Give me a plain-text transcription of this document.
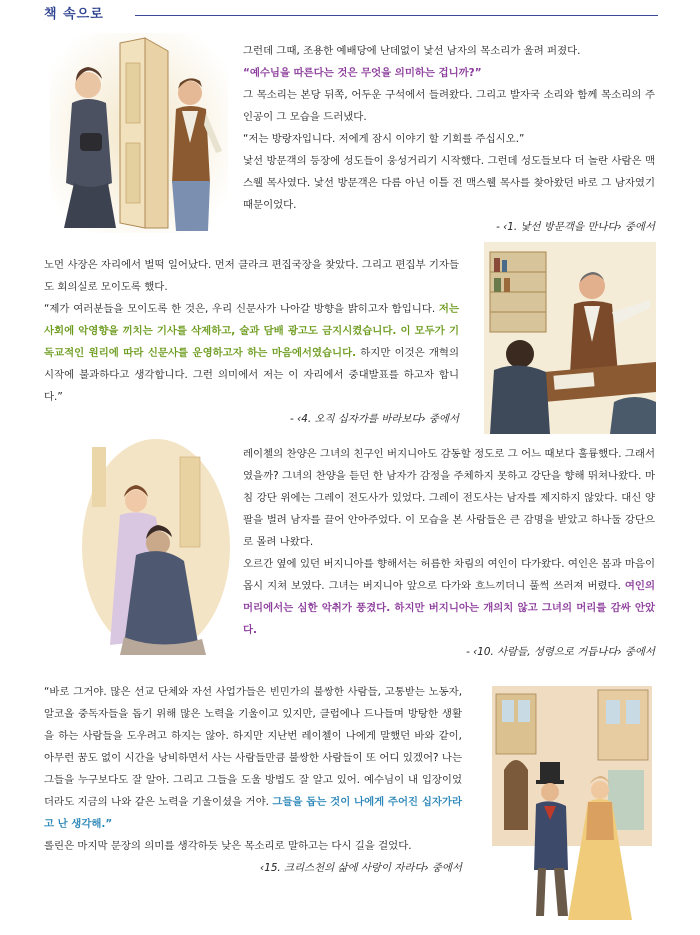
책 속으로

그런데 그때, 조용한 예배당에 난데없이 낯선 남자의 목소리가 울려 퍼졌다.

“예수님을 따른다는 것은 무엇을 의미하는 겁니까?”

그 목소리는 본당 뒤쪽, 어두운 구석에서 들려왔다. 그리고 발자국 소리와 함께 목소리의 주인공이 그 모습을 드러냈다.

“저는 방랑자입니다. 저에게 잠시 이야기 할 기회를 주십시오.”

낯선 방문객의 등장에 성도들이 웅성거리기 시작했다. 그런데 성도들보다 더 놀란 사람은 맥스웰 목사였다. 낯선 방문객은 다름 아닌 이틀 전 맥스웰 목사를 찾아왔던 바로 그 남자였기 때문이었다.

- ‹1. 낯선 방문객을 만나다› 중에서

노먼 사장은 자리에서 벌떡 일어났다. 먼저 클라크 편집국장을 찾았다. 그리고 편집부 기자들도 회의실로 모이도록 했다.

“제가 여러분들을 모이도록 한 것은, 우리 신문사가 나아갈 방향을 밝히고자 함입니다. 저는 사회에 악영향을 끼치는 기사를 삭제하고, 술과 담배 광고도 금지시켰습니다. 이 모두가 기독교적인 원리에 따라 신문사를 운영하고자 하는 마음에서였습니다. 하지만 이것은 개혁의 시작에 불과하다고 생각합니다. 그런 의미에서 저는 이 자리에서 중대발표를 하고자 합니다.”

- ‹4. 오직 십자가를 바라보다› 중에서

레이첼의 찬양은 그녀의 친구인 버지니아도 감동할 정도로 그 어느 때보다 훌륭했다. 그래서였을까? 그녀의 찬양을 듣던 한 남자가 감정을 주체하지 못하고 강단을 향해 뛰쳐나왔다. 마침 강단 위에는 그레이 전도사가 있었다. 그레이 전도사는 남자를 제지하지 않았다. 대신 양팔을 벌려 남자를 끌어 안아주었다. 이 모습을 본 사람들은 큰 감명을 받았고 하나둘 강단으로 몰려 나왔다.

오르간 옆에 있던 버지니아를 향해서는 허름한 차림의 여인이 다가왔다. 여인은 몸과 마음이 몹시 지쳐 보였다. 그녀는 버지니아 앞으로 다가와 흐느끼더니 풀썩 쓰러져 버렸다. 여인의 머리에서는 심한 악취가 풍겼다. 하지만 버지니아는 개의치 않고 그녀의 머리를 감싸 안았다.

- ‹10. 사람들, 성령으로 거듭나다› 중에서

“바로 그거야. 많은 선교 단체와 자선 사업가들은 빈민가의 불쌍한 사람들, 고통받는 노동자, 알코올 중독자들을 돕기 위해 많은 노력을 기울이고 있지만, 클럽에나 드나들며 방탕한 생활을 하는 사람들을 도우려고 하지는 않아. 하지만 지난번 레이첼이 나에게 말했던 바와 같이, 아무런 꿈도 없이 시간을 낭비하면서 사는 사람들만큼 불쌍한 사람들이 또 어디 있겠어? 나는 그들을 누구보다도 잘 알아. 그리고 그들을 도울 방법도 잘 알고 있어. 예수님이 내 입장이었더라도 지금의 나와 같은 노력을 기울이셨을 거야. 그들을 돕는 것이 나에게 주어진 십자가라고 난 생각해.”

롤린은 마지막 문장의 의미를 생각하듯 낮은 목소리로 말하고는 다시 길을 걸었다.

‹15. 크리스천의 삶에 사랑이 자라다› 중에서
